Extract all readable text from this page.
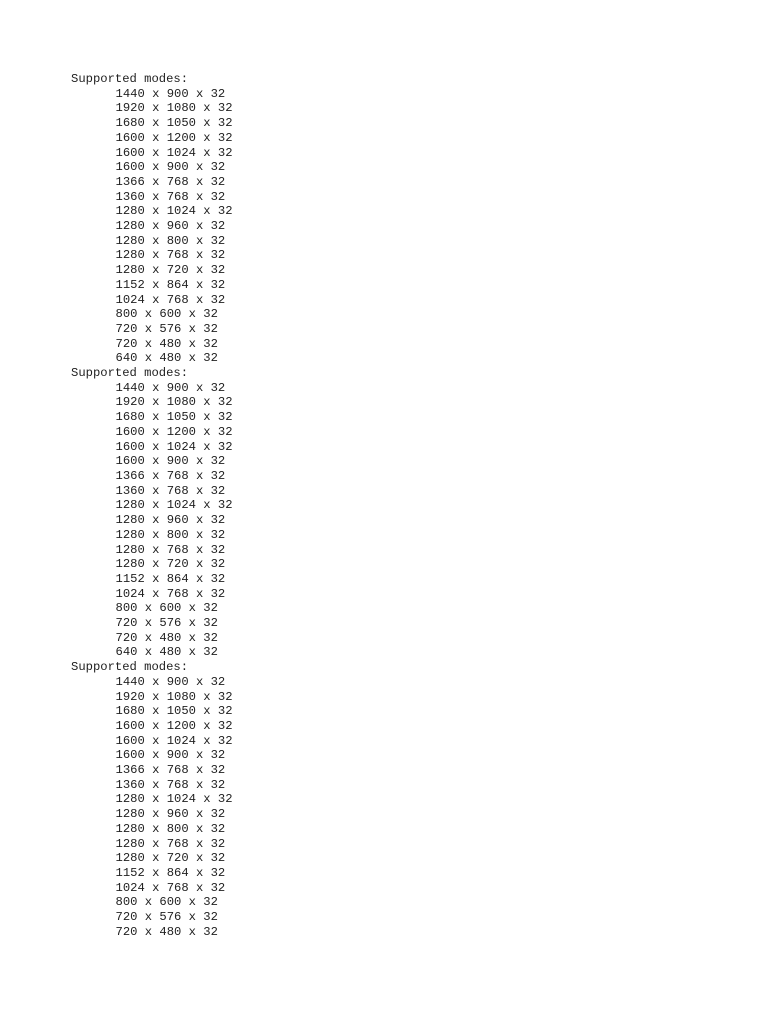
Supported modes:
1440 x 900 x 32
1920 x 1080 x 32
1680 x 1050 x 32
1600 x 1200 x 32
1600 x 1024 x 32
1600 x 900 x 32
1366 x 768 x 32
1360 x 768 x 32
1280 x 1024 x 32
1280 x 960 x 32
1280 x 800 x 32
1280 x 768 x 32
1280 x 720 x 32
1152 x 864 x 32
1024 x 768 x 32
800 x 600 x 32
720 x 576 x 32
720 x 480 x 32
640 x 480 x 32
Supported modes:
1440 x 900 x 32
1920 x 1080 x 32
1680 x 1050 x 32
1600 x 1200 x 32
1600 x 1024 x 32
1600 x 900 x 32
1366 x 768 x 32
1360 x 768 x 32
1280 x 1024 x 32
1280 x 960 x 32
1280 x 800 x 32
1280 x 768 x 32
1280 x 720 x 32
1152 x 864 x 32
1024 x 768 x 32
800 x 600 x 32
720 x 576 x 32
720 x 480 x 32
640 x 480 x 32
Supported modes:
1440 x 900 x 32
1920 x 1080 x 32
1680 x 1050 x 32
1600 x 1200 x 32
1600 x 1024 x 32
1600 x 900 x 32
1366 x 768 x 32
1360 x 768 x 32
1280 x 1024 x 32
1280 x 960 x 32
1280 x 800 x 32
1280 x 768 x 32
1280 x 720 x 32
1152 x 864 x 32
1024 x 768 x 32
800 x 600 x 32
720 x 576 x 32
720 x 480 x 32
